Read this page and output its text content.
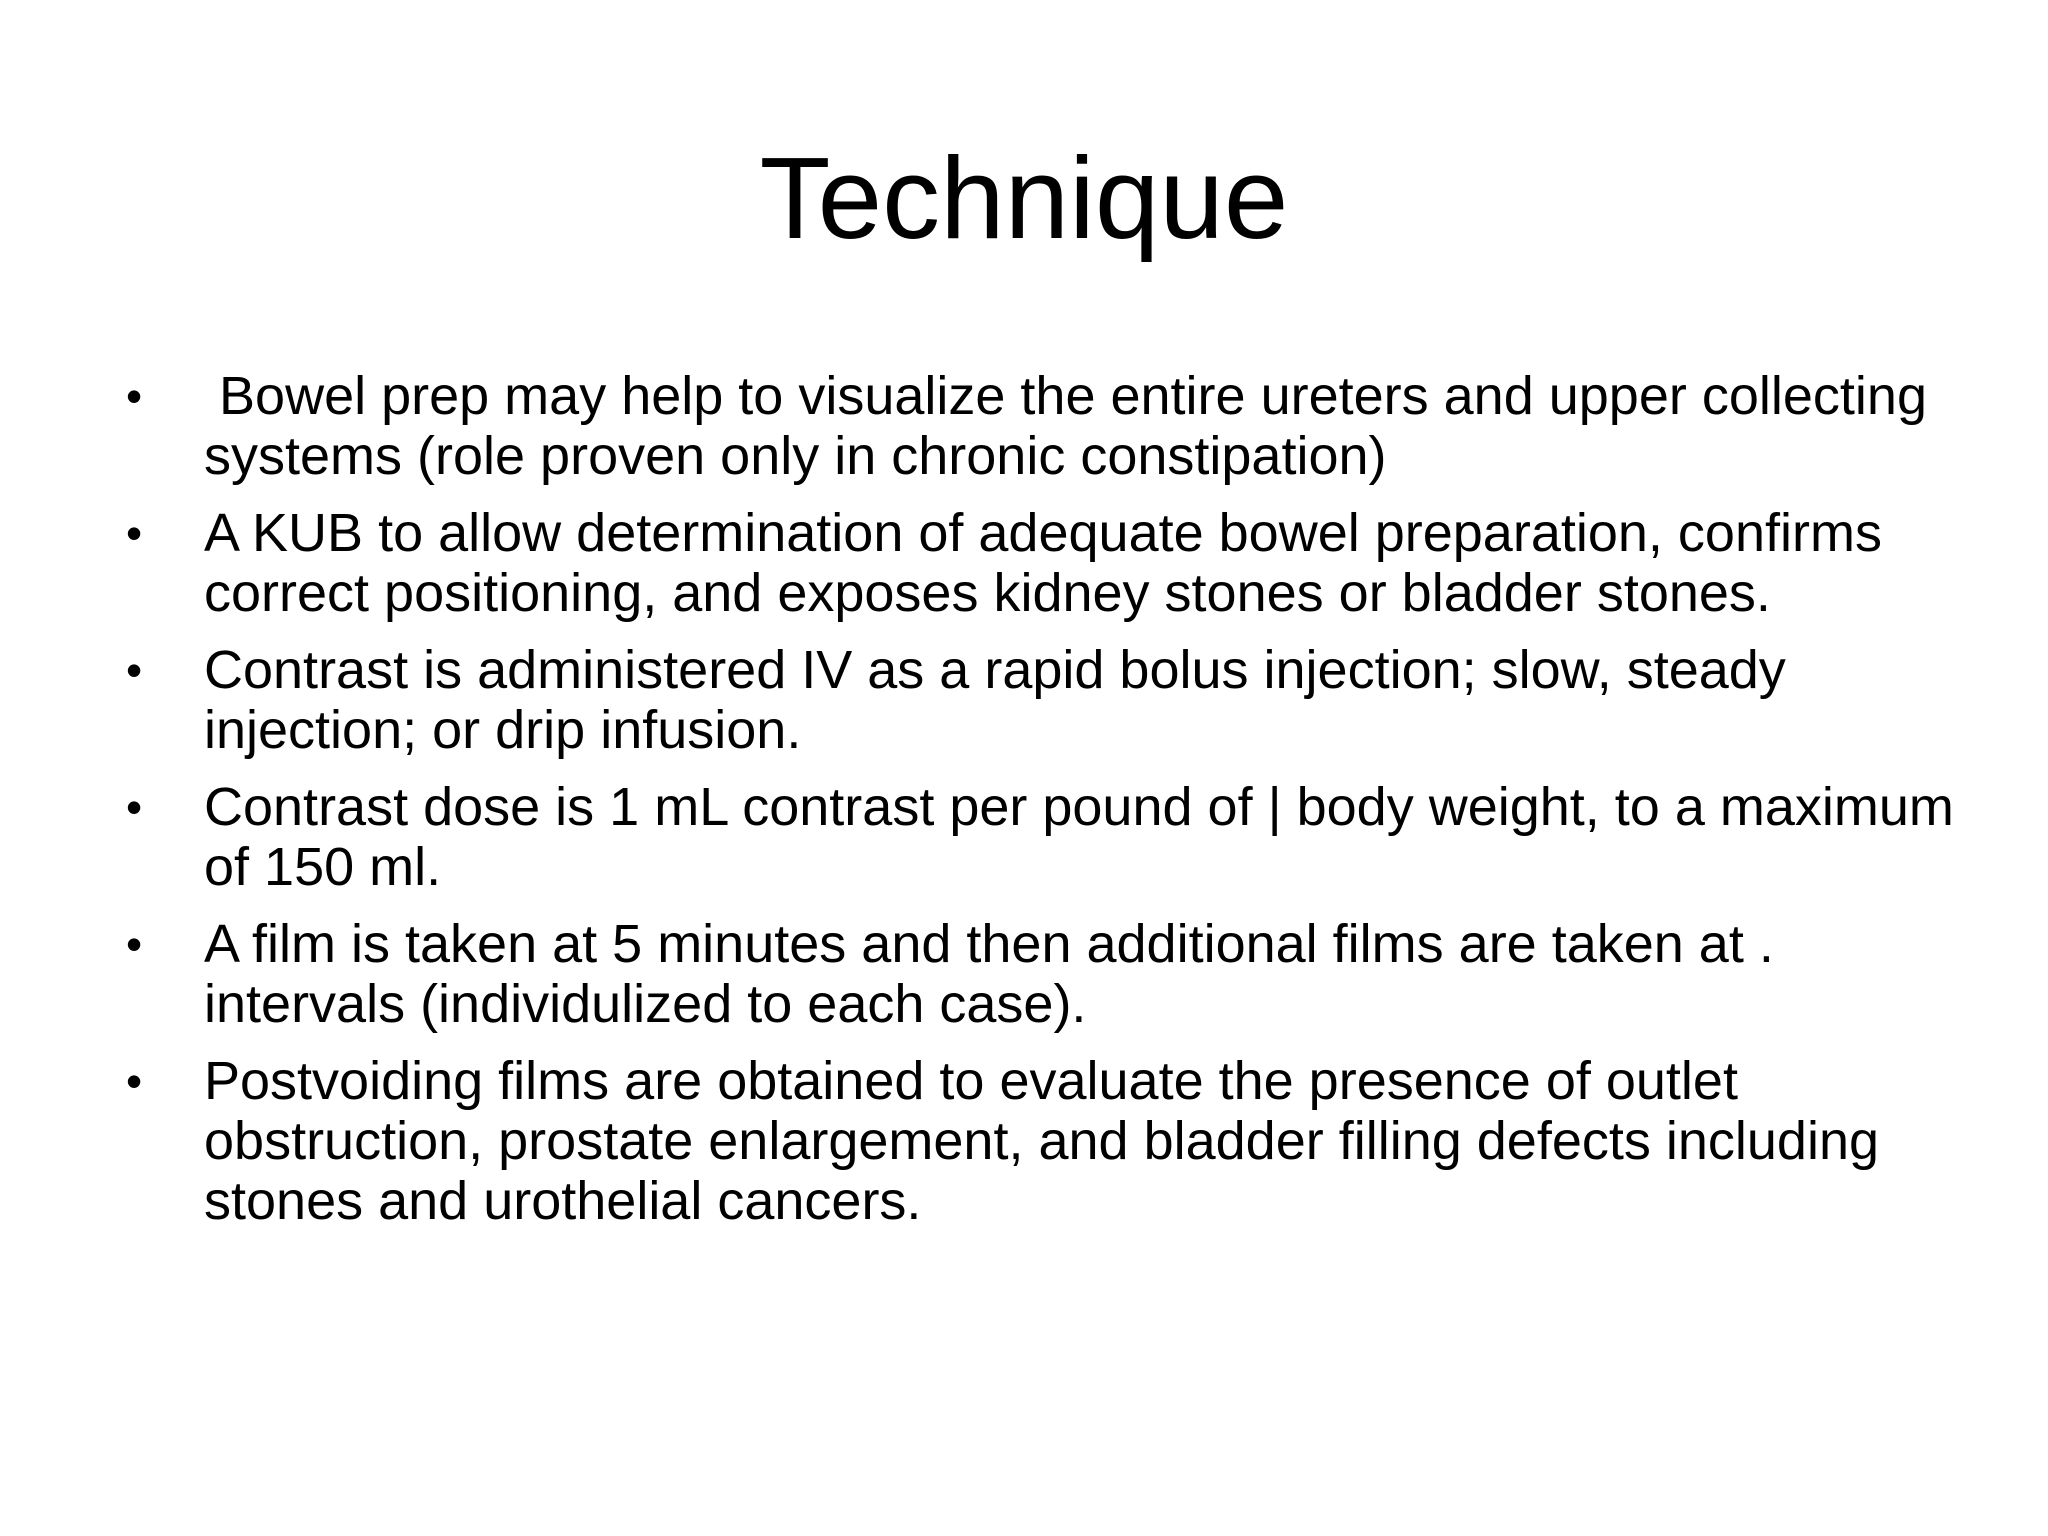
Technique
•	Bowel prep may help to visualize the entire ureters and upper collecting systems (role proven only in chronic constipation)
•	A KUB to allow determination of adequate bowel preparation, confirms correct positioning, and exposes kidney stones or bladder stones.
•	Contrast is administered IV as a rapid bolus injection; slow, steady injection; or drip infusion.
•	Contrast dose is 1 mL contrast per pound of | body weight, to a maximum of 150 ml.
•	A film is taken at 5 minutes and then additional films are taken at . intervals (individulized to each case).
•	Postvoiding films are obtained to evaluate the presence of outlet obstruction, prostate enlargement, and bladder filling defects including stones and urothelial cancers.
